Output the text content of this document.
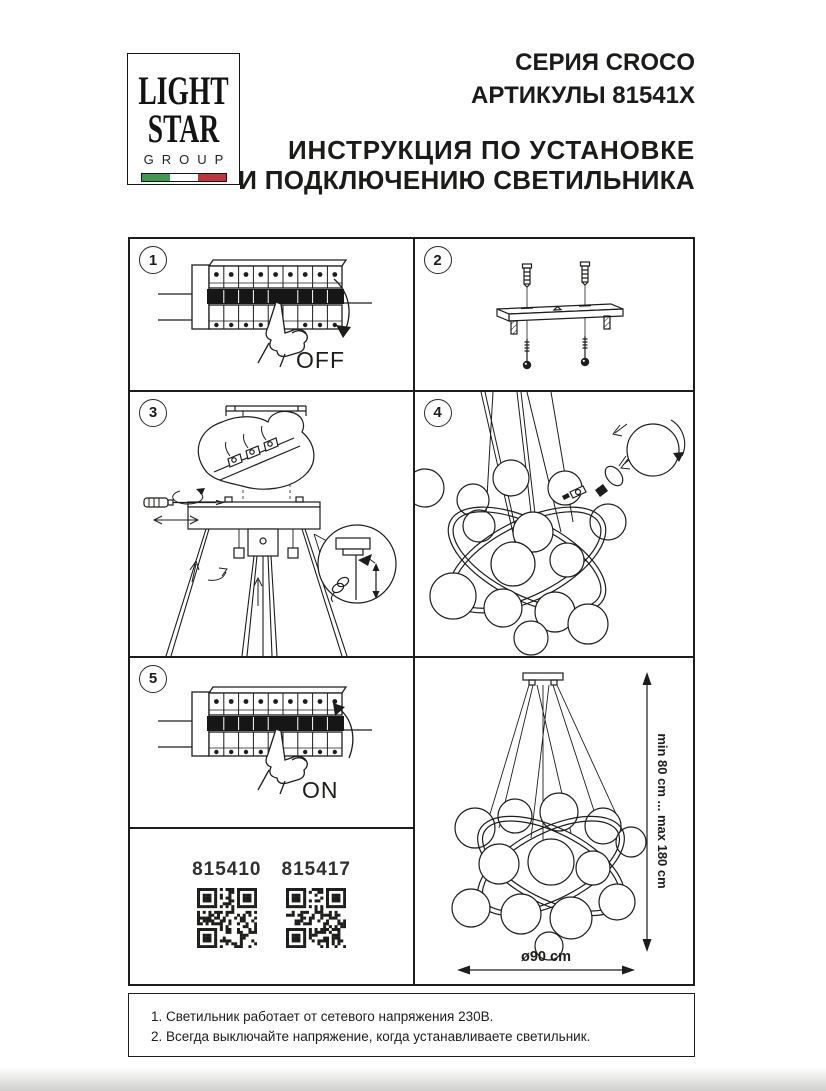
LIGHT
STAR
GROUP
СЕРИЯ CROCO
АРТИКУЛЫ 81541X
ИНСТРУКЦИЯ ПО УСТАНОВКЕ
И ПОДКЛЮЧЕНИЮ СВЕТИЛЬНИКА
1
OFF
2
3	4
5
ON
815410 815417	min 80 cm ... max 180 cm
ø90 cm
1. Светильник работает от сетевого напряжения 230В.
2. Всегда выключайте напряжение, когда устанавливаете светильник.
